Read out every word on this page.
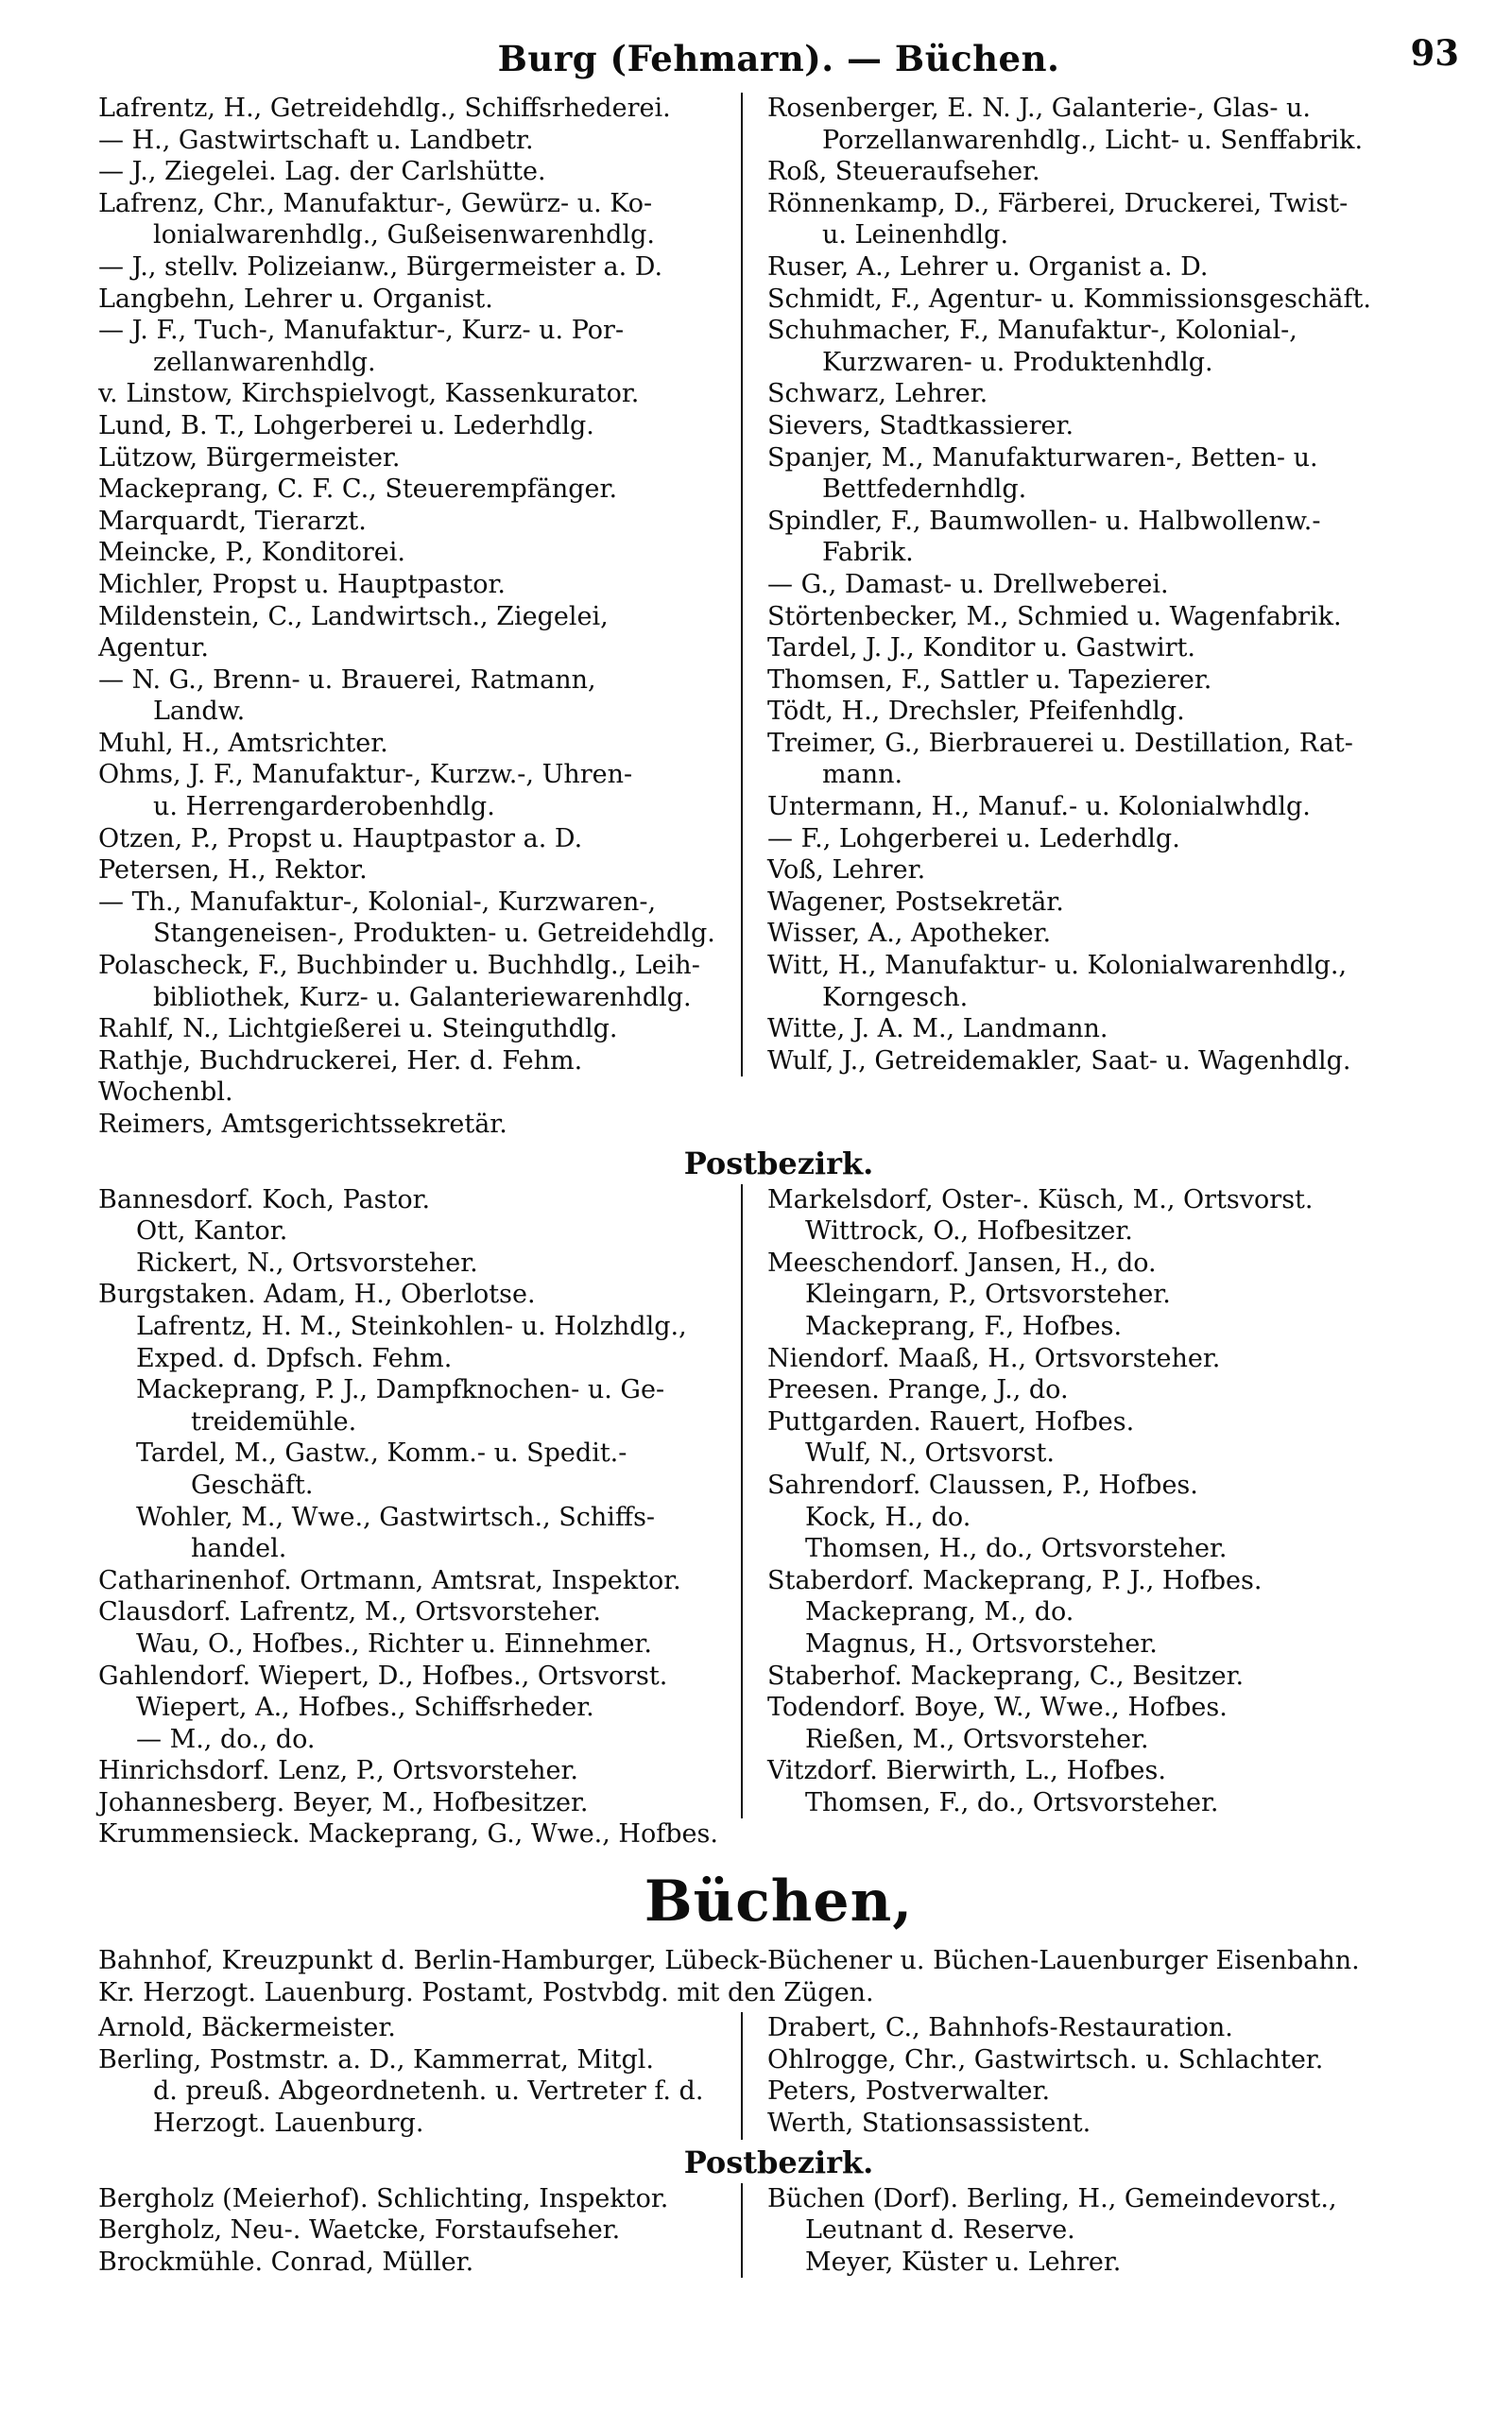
Burg (Fehmarn). — Büchen.	93
Lafrentz, H., Getreidehdlg., Schiffsrhederei.
— H., Gastwirtschaft u. Landbetr.
— J., Ziegelei. Lag. der Carlshütte.
Lafrenz, Chr., Manufaktur-, Gewürz- u. Ko-
lonialwarenhdlg., Gußeisenwarenhdlg.
— J., stellv. Polizeianw., Bürgermeister a. D.
Langbehn, Lehrer u. Organist.
— J. F., Tuch-, Manufaktur-, Kurz- u. Por-
zellanwarenhdlg.
v. Linstow, Kirchspielvogt, Kassenkurator.
Lund, B. T., Lohgerberei u. Lederhdlg.
Lützow, Bürgermeister.
Mackeprang, C. F. C., Steuerempfänger.
Marquardt, Tierarzt.
Meincke, P., Konditorei.
Michler, Propst u. Hauptpastor.
Mildenstein, C., Landwirtsch., Ziegelei, Agentur.
— N. G., Brenn- u. Brauerei, Ratmann,
Landw.
Muhl, H., Amtsrichter.
Ohms, J. F., Manufaktur-, Kurzw.-, Uhren-
u. Herrengarderobenhdlg.
Otzen, P., Propst u. Hauptpastor a. D.
Petersen, H., Rektor.
— Th., Manufaktur-, Kolonial-, Kurzwaren-,
Stangeneisen-, Produkten- u. Getreidehdlg.
Polascheck, F., Buchbinder u. Buchhdlg., Leih-
bibliothek, Kurz- u. Galanteriewarenhdlg.
Rahlf, N., Lichtgießerei u. Steinguthdlg.
Rathje, Buchdruckerei, Her. d. Fehm. Wochenbl.
Reimers, Amtsgerichtssekretär.
Rosenberger, E. N. J., Galanterie-, Glas- u.
Porzellanwarenhdlg., Licht- u. Senffabrik.
Roß, Steueraufseher.
Rönnenkamp, D., Färberei, Druckerei, Twist-
u. Leinenhdlg.
Ruser, A., Lehrer u. Organist a. D.
Schmidt, F., Agentur- u. Kommissionsgeschäft.
Schuhmacher, F., Manufaktur-, Kolonial-,
Kurzwaren- u. Produktenhdlg.
Schwarz, Lehrer.
Sievers, Stadtkassierer.
Spanjer, M., Manufakturwaren-, Betten- u.
Bettfedernhdlg.
Spindler, F., Baumwollen- u. Halbwollenw.-
Fabrik.
— G., Damast- u. Drellweberei.
Störtenbecker, M., Schmied u. Wagenfabrik.
Tardel, J. J., Konditor u. Gastwirt.
Thomsen, F., Sattler u. Tapezierer.
Tödt, H., Drechsler, Pfeifenhdlg.
Treimer, G., Bierbrauerei u. Destillation, Rat-
mann.
Untermann, H., Manuf.- u. Kolonialwhdlg.
— F., Lohgerberei u. Lederhdlg.
Voß, Lehrer.
Wagener, Postsekretär.
Wisser, A., Apotheker.
Witt, H., Manufaktur- u. Kolonialwarenhdlg.,
Korngesch.
Witte, J. A. M., Landmann.
Wulf, J., Getreidemakler, Saat- u. Wagenhdlg.
Postbezirk.
Bannesdorf. Koch, Pastor.
Ott, Kantor.
Rickert, N., Ortsvorsteher.
Burgstaken. Adam, H., Oberlotse.
Lafrentz, H. M., Steinkohlen- u. Holzhdlg.,
Exped. d. Dpfsch. Fehm.
Mackeprang, P. J., Dampfknochen- u. Ge-
treidemühle.
Tardel, M., Gastw., Komm.- u. Spedit.-
Geschäft.
Wohler, M., Wwe., Gastwirtsch., Schiffs-
handel.
Catharinenhof. Ortmann, Amtsrat, Inspektor.
Clausdorf. Lafrentz, M., Ortsvorsteher.
Wau, O., Hofbes., Richter u. Einnehmer.
Gahlendorf. Wiepert, D., Hofbes., Ortsvorst.
Wiepert, A., Hofbes., Schiffsrheder.
— M., do., do.
Hinrichsdorf. Lenz, P., Ortsvorsteher.
Johannesberg. Beyer, M., Hofbesitzer.
Krummensieck. Mackeprang, G., Wwe., Hofbes.
Markelsdorf, Oster-. Küsch, M., Ortsvorst.
Wittrock, O., Hofbesitzer.
Meeschendorf. Jansen, H., do.
Kleingarn, P., Ortsvorsteher.
Mackeprang, F., Hofbes.
Niendorf. Maaß, H., Ortsvorsteher.
Preesen. Prange, J., do.
Puttgarden. Rauert, Hofbes.
Wulf, N., Ortsvorst.
Sahrendorf. Claussen, P., Hofbes.
Kock, H., do.
Thomsen, H., do., Ortsvorsteher.
Staberdorf. Mackeprang, P. J., Hofbes.
Mackeprang, M., do.
Magnus, H., Ortsvorsteher.
Staberhof. Mackeprang, C., Besitzer.
Todendorf. Boye, W., Wwe., Hofbes.
Rießen, M., Ortsvorsteher.
Vitzdorf. Bierwirth, L., Hofbes.
Thomsen, F., do., Ortsvorsteher.
Büchen,
Bahnhof, Kreuzpunkt d. Berlin-Hamburger, Lübeck-Büchener u. Büchen-Lauenburger Eisenbahn.
Kr. Herzogt. Lauenburg. Postamt, Postvbdg. mit den Zügen.
Arnold, Bäckermeister.
Berling, Postmstr. a. D., Kammerrat, Mitgl.
d. preuß. Abgeordnetenh. u. Vertreter f. d.
Herzogt. Lauenburg.
Drabert, C., Bahnhofs-Restauration.
Ohlrogge, Chr., Gastwirtsch. u. Schlachter.
Peters, Postverwalter.
Werth, Stationsassistent.
Postbezirk.
Bergholz (Meierhof). Schlichting, Inspektor.
Bergholz, Neu-. Waetcke, Forstaufseher.
Brockmühle. Conrad, Müller.
Büchen (Dorf). Berling, H., Gemeindevorst.,
Leutnant d. Reserve.
Meyer, Küster u. Lehrer.
